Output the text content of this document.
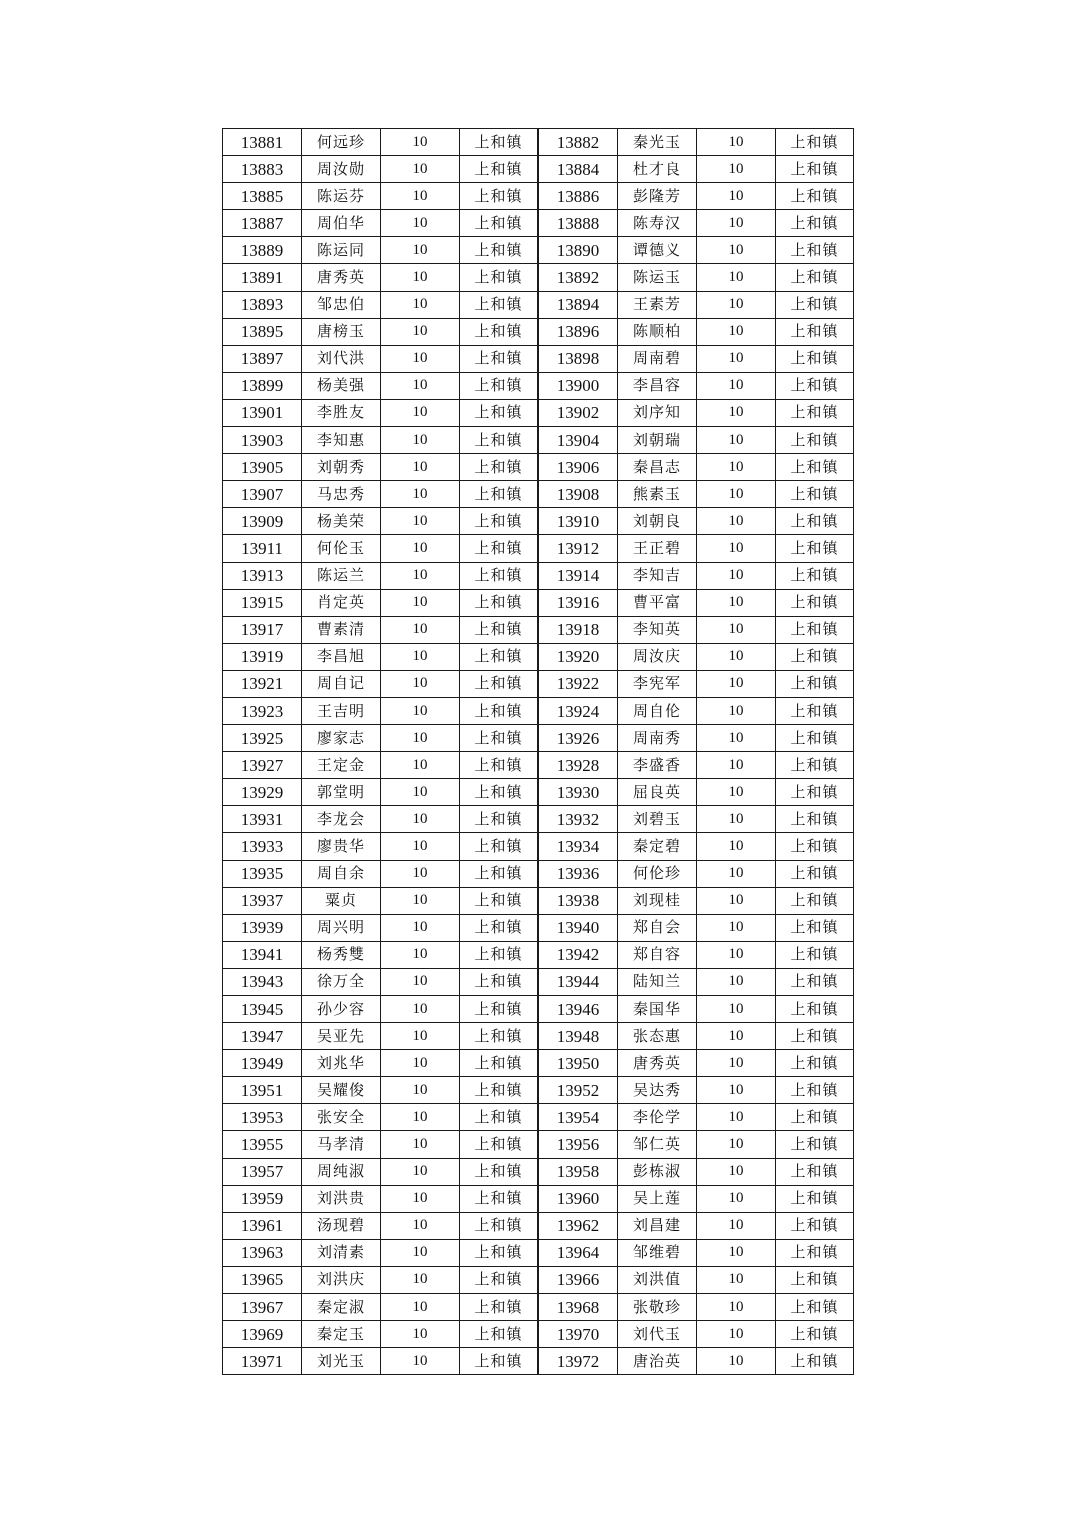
13881	何远珍	10	上和镇	13882	秦光玉	10	上和镇
13883	周汝勋	10	上和镇	13884	杜才良	10	上和镇
13885	陈运芬	10	上和镇	13886	彭隆芳	10	上和镇
13887	周伯华	10	上和镇	13888	陈寿汉	10	上和镇
13889	陈运同	10	上和镇	13890	谭德义	10	上和镇
13891	唐秀英	10	上和镇	13892	陈运玉	10	上和镇
13893	邹忠伯	10	上和镇	13894	王素芳	10	上和镇
13895	唐榜玉	10	上和镇	13896	陈顺柏	10	上和镇
13897	刘代洪	10	上和镇	13898	周南碧	10	上和镇
13899	杨美强	10	上和镇	13900	李昌容	10	上和镇
13901	李胜友	10	上和镇	13902	刘序知	10	上和镇
13903	李知惠	10	上和镇	13904	刘朝瑞	10	上和镇
13905	刘朝秀	10	上和镇	13906	秦昌志	10	上和镇
13907	马忠秀	10	上和镇	13908	熊素玉	10	上和镇
13909	杨美荣	10	上和镇	13910	刘朝良	10	上和镇
13911	何伦玉	10	上和镇	13912	王正碧	10	上和镇
13913	陈运兰	10	上和镇	13914	李知吉	10	上和镇
13915	肖定英	10	上和镇	13916	曹平富	10	上和镇
13917	曹素清	10	上和镇	13918	李知英	10	上和镇
13919	李昌旭	10	上和镇	13920	周汝庆	10	上和镇
13921	周自记	10	上和镇	13922	李宪军	10	上和镇
13923	王吉明	10	上和镇	13924	周自伦	10	上和镇
13925	廖家志	10	上和镇	13926	周南秀	10	上和镇
13927	王定金	10	上和镇	13928	李盛香	10	上和镇
13929	郭堂明	10	上和镇	13930	屈良英	10	上和镇
13931	李龙会	10	上和镇	13932	刘碧玉	10	上和镇
13933	廖贵华	10	上和镇	13934	秦定碧	10	上和镇
13935	周自余	10	上和镇	13936	何伦珍	10	上和镇
13937	粟贞	10	上和镇	13938	刘现桂	10	上和镇
13939	周兴明	10	上和镇	13940	郑自会	10	上和镇
13941	杨秀雙	10	上和镇	13942	郑自容	10	上和镇
13943	徐万全	10	上和镇	13944	陆知兰	10	上和镇
13945	孙少容	10	上和镇	13946	秦国华	10	上和镇
13947	吴亚先	10	上和镇	13948	张态惠	10	上和镇
13949	刘兆华	10	上和镇	13950	唐秀英	10	上和镇
13951	吴耀俊	10	上和镇	13952	吴达秀	10	上和镇
13953	张安全	10	上和镇	13954	李伦学	10	上和镇
13955	马孝清	10	上和镇	13956	邹仁英	10	上和镇
13957	周纯淑	10	上和镇	13958	彭栋淑	10	上和镇
13959	刘洪贵	10	上和镇	13960	吴上莲	10	上和镇
13961	汤现碧	10	上和镇	13962	刘昌建	10	上和镇
13963	刘清素	10	上和镇	13964	邹维碧	10	上和镇
13965	刘洪庆	10	上和镇	13966	刘洪值	10	上和镇
13967	秦定淑	10	上和镇	13968	张敬珍	10	上和镇
13969	秦定玉	10	上和镇	13970	刘代玉	10	上和镇
13971	刘光玉	10	上和镇	13972	唐治英	10	上和镇
